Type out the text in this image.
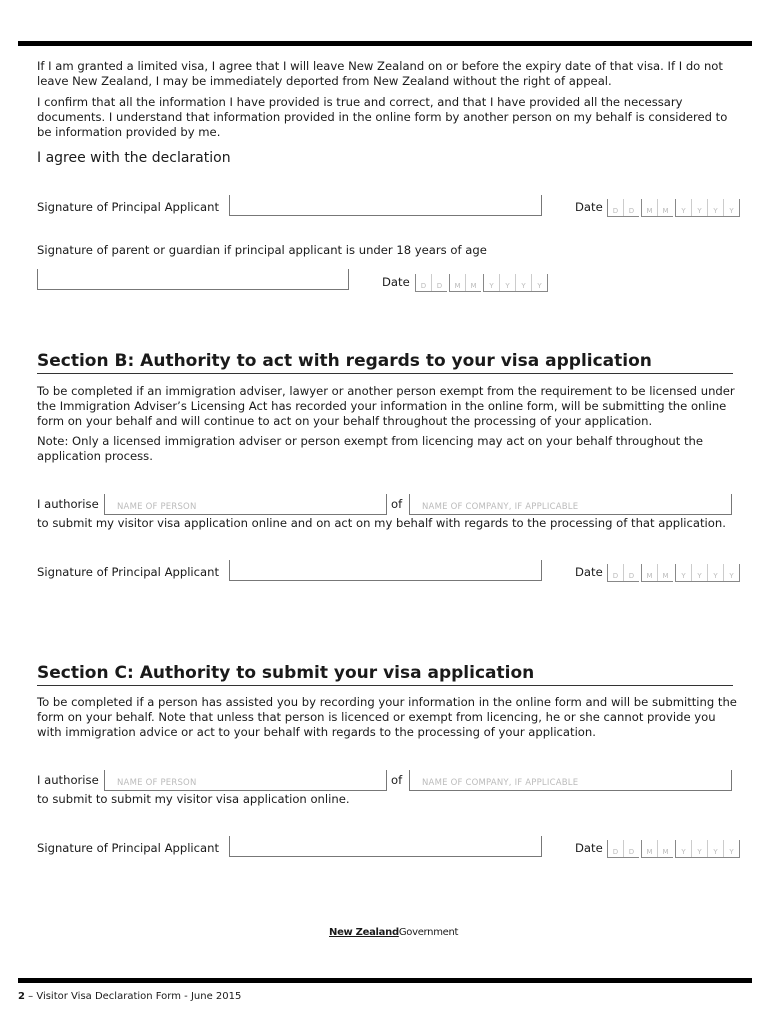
If I am granted a limited visa, I agree that I will leave New Zealand on or before the expiry date of that visa. If I do not leave New Zealand, I may be immediately deported from New Zealand without the right of appeal.
I confirm that all the information I have provided is true and correct, and that I have provided all the necessary documents. I understand that information provided in the online form by another person on my behalf is considered to be information provided by me.
I agree with the declaration
Signature of Principal Applicant	Date	D	D	M	M	Y	Y	Y	Y
Signature of parent or guardian if principal applicant is under 18 years of age
Date	D	D	M	M	Y	Y	Y	Y
Section B: Authority to act with regards to your visa application
To be completed if an immigration adviser, lawyer or another person exempt from the requirement to be licensed under the Immigration Adviser’s Licensing Act has recorded your information in the online form, will be submitting the online form on your behalf and will continue to act on your behalf throughout the processing of your application.
Note: Only a licensed immigration adviser or person exempt from licencing may act on your behalf throughout the application process.
I authorise NAME OF PERSON	of NAME OF COMPANY, IF APPLICABLE
to submit my visitor visa application online and on act on my behalf with regards to the processing of that application.
Signature of Principal Applicant	Date	D	D	M	M	Y	Y	Y	Y
Section C: Authority to submit your visa application
To be completed if a person has assisted you by recording your information in the online form and will be submitting the form on your behalf. Note that unless that person is licenced or exempt from licencing, he or she cannot provide you with immigration advice or act to your behalf with regards to the processing of your application.
I authorise NAME OF PERSON	of NAME OF COMPANY, IF APPLICABLE
to submit to submit my visitor visa application online.
Signature of Principal Applicant	Date	D	D	M	M	Y	Y	Y	Y
New ZealandGovernment
2 – Visitor Visa Declaration Form - June 2015
